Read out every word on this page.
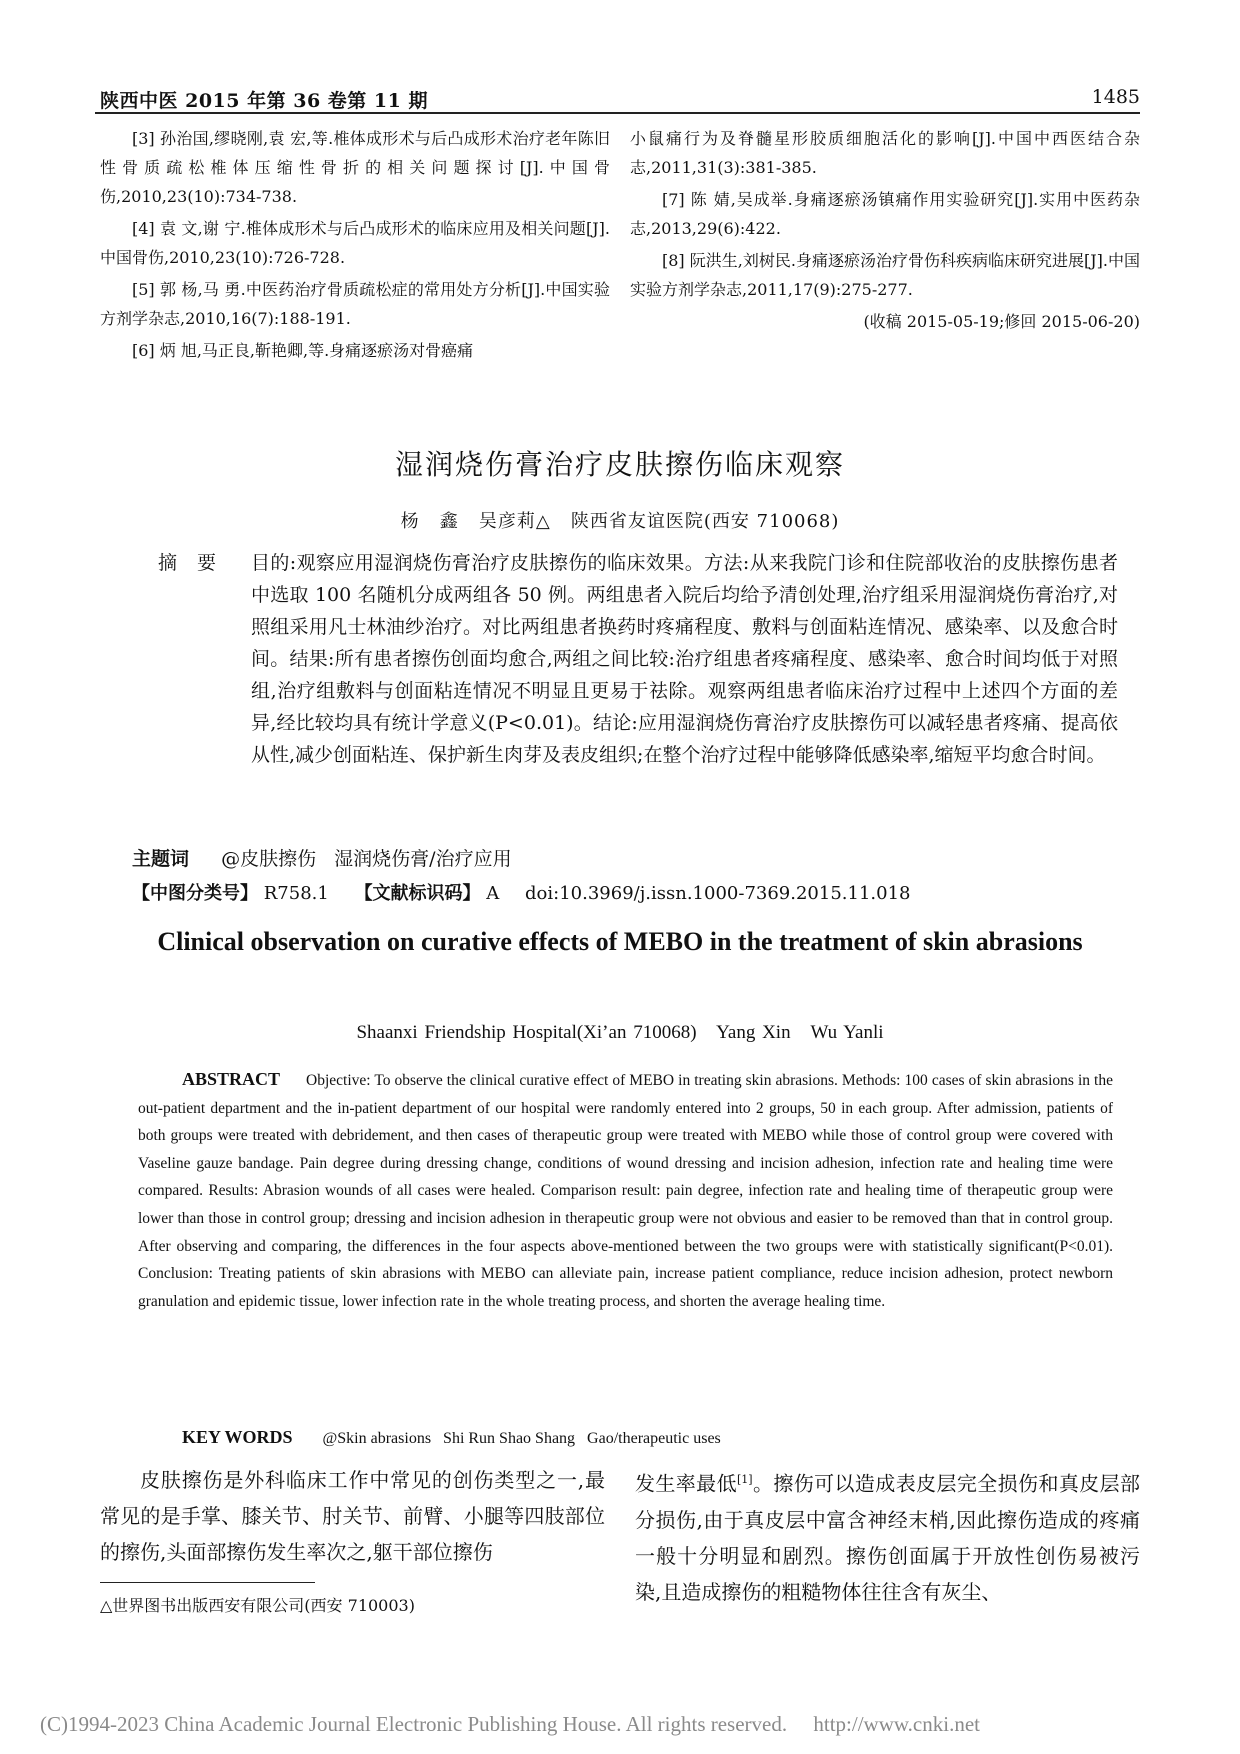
陕西中医 2015 年第 36 卷第 11 期	1485

[3] 孙治国,缪晓刚,袁 宏,等.椎体成形术与后凸成形术治疗老年陈旧性骨质疏松椎体压缩性骨折的相关问题探讨[J].中国骨伤,2010,23(10):734-738.

[4] 袁 文,谢 宁.椎体成形术与后凸成形术的临床应用及相关问题[J].中国骨伤,2010,23(10):726-728.

[5] 郭 杨,马 勇.中医药治疗骨质疏松症的常用处方分析[J].中国实验方剂学杂志,2010,16(7):188-191.

[6] 炳 旭,马正良,靳艳卿,等.身痛逐瘀汤对骨癌痛

小鼠痛行为及脊髓星形胶质细胞活化的影响[J].中国中西医结合杂志,2011,31(3):381-385.

[7] 陈 婧,吴成举.身痛逐瘀汤镇痛作用实验研究[J].实用中医药杂志,2013,29(6):422.

[8] 阮洪生,刘树民.身痛逐瘀汤治疗骨伤科疾病临床研究进展[J].中国实验方剂学杂志,2011,17(9):275-277.

(收稿 2015-05-19;修回 2015-06-20)

湿润烧伤膏治疗皮肤擦伤临床观察
杨   鑫   吴彦莉△   陕西省友谊医院(西安 710068)
摘要 目的:观察应用湿润烧伤膏治疗皮肤擦伤的临床效果。方法:从来我院门诊和住院部收治的皮肤擦伤患者中选取 100 名随机分成两组各 50 例。两组患者入院后均给予清创处理,治疗组采用湿润烧伤膏治疗,对照组采用凡士林油纱治疗。对比两组患者换药时疼痛程度、敷料与创面粘连情况、感染率、以及愈合时间。结果:所有患者擦伤创面均愈合,两组之间比较:治疗组患者疼痛程度、感染率、愈合时间均低于对照组,治疗组敷料与创面粘连情况不明显且更易于祛除。观察两组患者临床治疗过程中上述四个方面的差异,经比较均具有统计学意义(P<0.01)。结论:应用湿润烧伤膏治疗皮肤擦伤可以减轻患者疼痛、提高依从性,减少创面粘连、保护新生肉芽及表皮组织;在整个治疗过程中能够降低感染率,缩短平均愈合时间。
主题词 @皮肤擦伤   湿润烧伤膏/治疗应用
【中图分类号】 R758.1 【文献标识码】 A doi:10.3969/j.issn.1000-7369.2015.11.018
Clinical observation on curative effects of MEBO in the treatment of skin abrasions
Shaanxi Friendship Hospital(Xi’an 710068)   Yang Xin   Wu Yanli
ABSTRACT Objective: To observe the clinical curative effect of MEBO in treating skin abrasions. Methods: 100 cases of skin abrasions in the out-patient department and the in-patient department of our hospital were randomly entered into 2 groups, 50 in each group. After admission, patients of both groups were treated with debridement, and then cases of therapeutic group were treated with MEBO while those of control group were covered with Vaseline gauze bandage. Pain degree during dressing change, conditions of wound dressing and incision adhesion, infection rate and healing time were compared. Results: Abrasion wounds of all cases were healed. Comparison result: pain degree, infection rate and healing time of therapeutic group were lower than those in control group; dressing and incision adhesion in therapeutic group were not obvious and easier to be removed than that in control group. After observing and comparing, the differences in the four aspects above-mentioned between the two groups were with statistically significant(P<0.01). Conclusion: Treating patients of skin abrasions with MEBO can alleviate pain, increase patient compliance, reduce incision adhesion, protect newborn granulation and epidemic tissue, lower infection rate in the whole treating process, and shorten the average healing time.
KEY WORDS @Skin abrasions   Shi Run Shao Shang   Gao/therapeutic uses

皮肤擦伤是外科临床工作中常见的创伤类型之一,最常见的是手掌、膝关节、肘关节、前臂、小腿等四肢部位的擦伤,头面部擦伤发生率次之,躯干部位擦伤

发生率最低[1]。擦伤可以造成表皮层完全损伤和真皮层部分损伤,由于真皮层中富含神经末梢,因此擦伤造成的疼痛一般十分明显和剧烈。擦伤创面属于开放性创伤易被污染,且造成擦伤的粗糙物体往往含有灰尘、

△世界图书出版西安有限公司(西安 710003)
(C)1994-2023 China Academic Journal Electronic Publishing House. All rights reserved.     http://www.cnki.net
